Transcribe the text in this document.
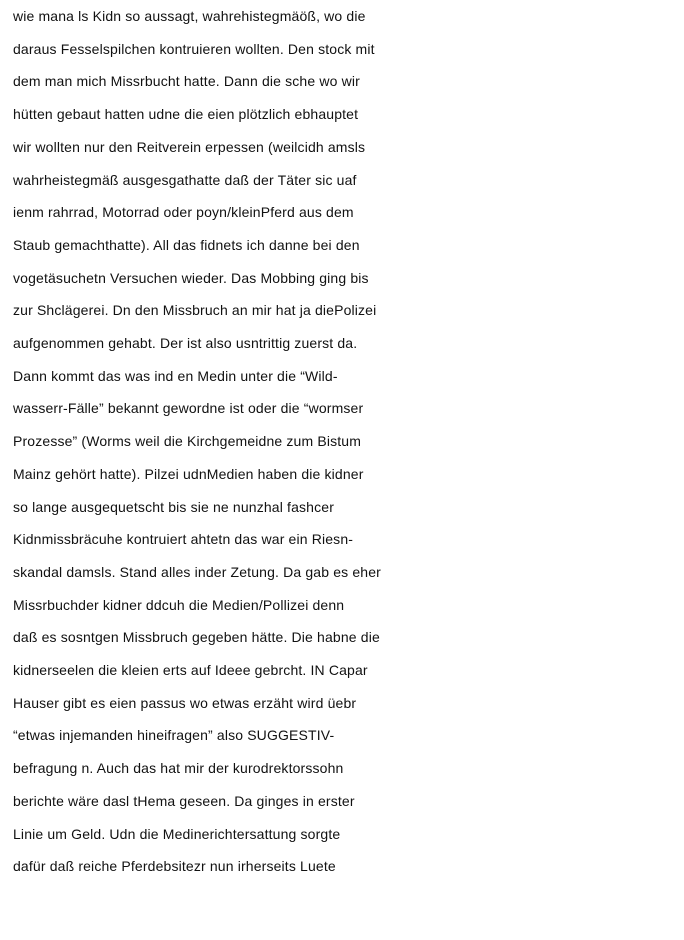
wie mana ls Kidn so aussagt, wahrehistegmäöß, wo die
daraus Fesselspilchen kontruieren wollten. Den stock mit
dem man mich Missrbucht hatte. Dann die sche wo wir
hütten gebaut hatten udne die eien plötzlich ebhauptet
wir wollten nur den Reitverein erpessen (weilcidh amsls
wahrheistegmäß ausgesgathatte daß der Täter sic uaf
ienm rahrrad, Motorrad oder poyn/kleinPferd aus dem
Staub gemachthatte). All das fidnets ich danne bei den
vogetäsuchetn Versuchen wieder. Das Mobbing ging bis
zur Shclägerei. Dn den Missbruch an mir hat ja diePolizei
aufgenommen gehabt. Der ist also usntrittig zuerst da.
Dann kommt das was ind en Medin unter die “Wild-
wasserr-Fälle” bekannt gewordne ist oder die “wormser
Prozesse” (Worms weil die Kirchgemeidne zum Bistum
Mainz gehört hatte). Pilzei udnMedien haben die kidner
so lange ausgequetscht bis sie ne nunzhal fashcer
Kidnmissbräcuhe kontruiert ahtetn das war ein Riesn-
skandal damsls. Stand alles inder Zetung. Da gab es eher
Missrbuchder kidner ddcuh die Medien/Pollizei denn
daß es sosntgen Missbruch gegeben hätte. Die habne die
kidnerseelen die kleien erts auf Ideee gebrcht. IN Capar
Hauser gibt es eien passus wo etwas erzäht wird üebr
“etwas injemanden hineifragen” also SUGGESTIV-
befragung n. Auch das hat mir der kurodrektorssohn
berichte wäre dasl tHema geseen. Da ginges in erster
Linie um Geld. Udn die Medinerichtersattung sorgte
dafür daß reiche Pferdebsitezr nun irherseits Luete
